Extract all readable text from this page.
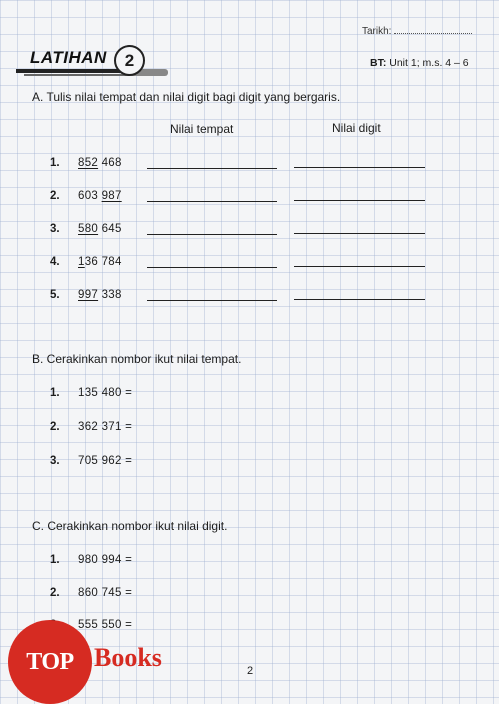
Tarikh:
LATIHAN	2	BT: Unit 1; m.s. 4 – 6
A. Tulis nilai tempat dan nilai digit bagi digit yang bergaris.
Nilai tempat	Nilai digit
1.	852 468
2.	603 987
3.	580 645
4.	136 784
5.	997 338
B. Cerakinkan nombor ikut nilai tempat.
1.	135 480 =
2.	362 371 =
3.	705 962 =
C. Cerakinkan nombor ikut nilai digit.
1.	980 994 =
2.	860 745 =
555 550 =
2
TOP Books
